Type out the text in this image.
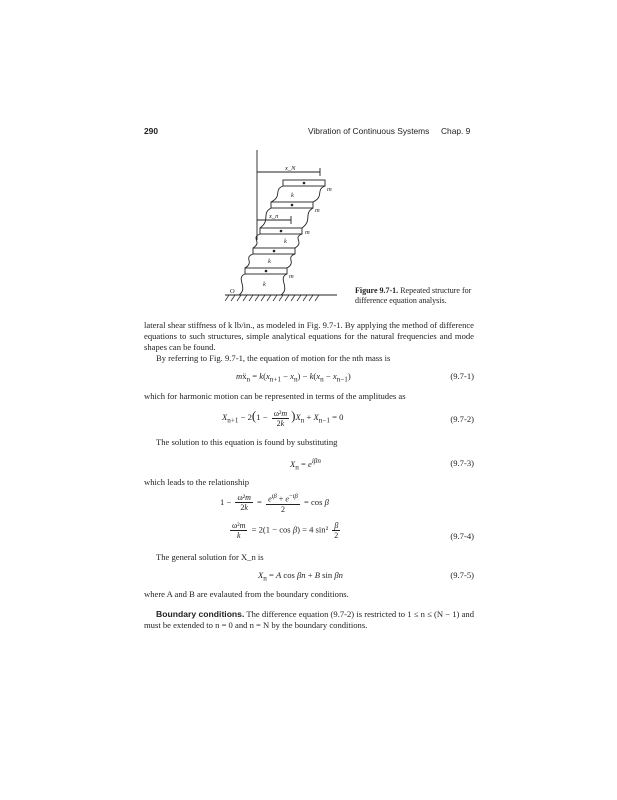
290	Vibration of Continuous Systems Chap. 9
x_N
x_n
m
m
m
m
k
k
k
k
O	Figure 9.7-1. Repeated structure for difference equation analysis.
lateral shear stiffness of k lb/in., as modeled in Fig. 9.7-1. By applying the method of difference equations to such structures, simple analytical equations for the natural frequencies and mode shapes can be found.
By referring to Fig. 9.7-1, the equation of motion for the nth mass is
mẍ$_n$ = $k(x_{n+1} - x_n) - k(x_n - x_{n-1})$	(9.7-1)
which for harmonic motion can be represented in terms of the amplitudes as
$X_{n+1} - 2(1 - \frac{\text{ω²m}}{2k} )X_n + X_{n-1} = 0$	(9.7-2)
The solution to this equation is found by substituting
$X_n = e^{i\beta n}$	(9.7-3)
which leads to the relationship
$1 - \frac{\text{ω²m}}{2k} = \frac{e^{i\beta} + e^{-i\beta}}{2} = \cos \beta$
$\frac{\text{ω²m}}{k} = 2(1 - \cos \beta) = 4$ $\sin^2 \frac{\beta}{2}$	(9.7-4)
The general solution for X_n is
$X_n = A$ cos βn + B sin βn	(9.7-5)
where A and B are evalauted from the boundary conditions.
Boundary conditions. The difference equation (9.7-2) is restricted to 1 ≤ n ≤ (N − 1) and must be extended to n = 0 and n = N by the boundary conditions.
